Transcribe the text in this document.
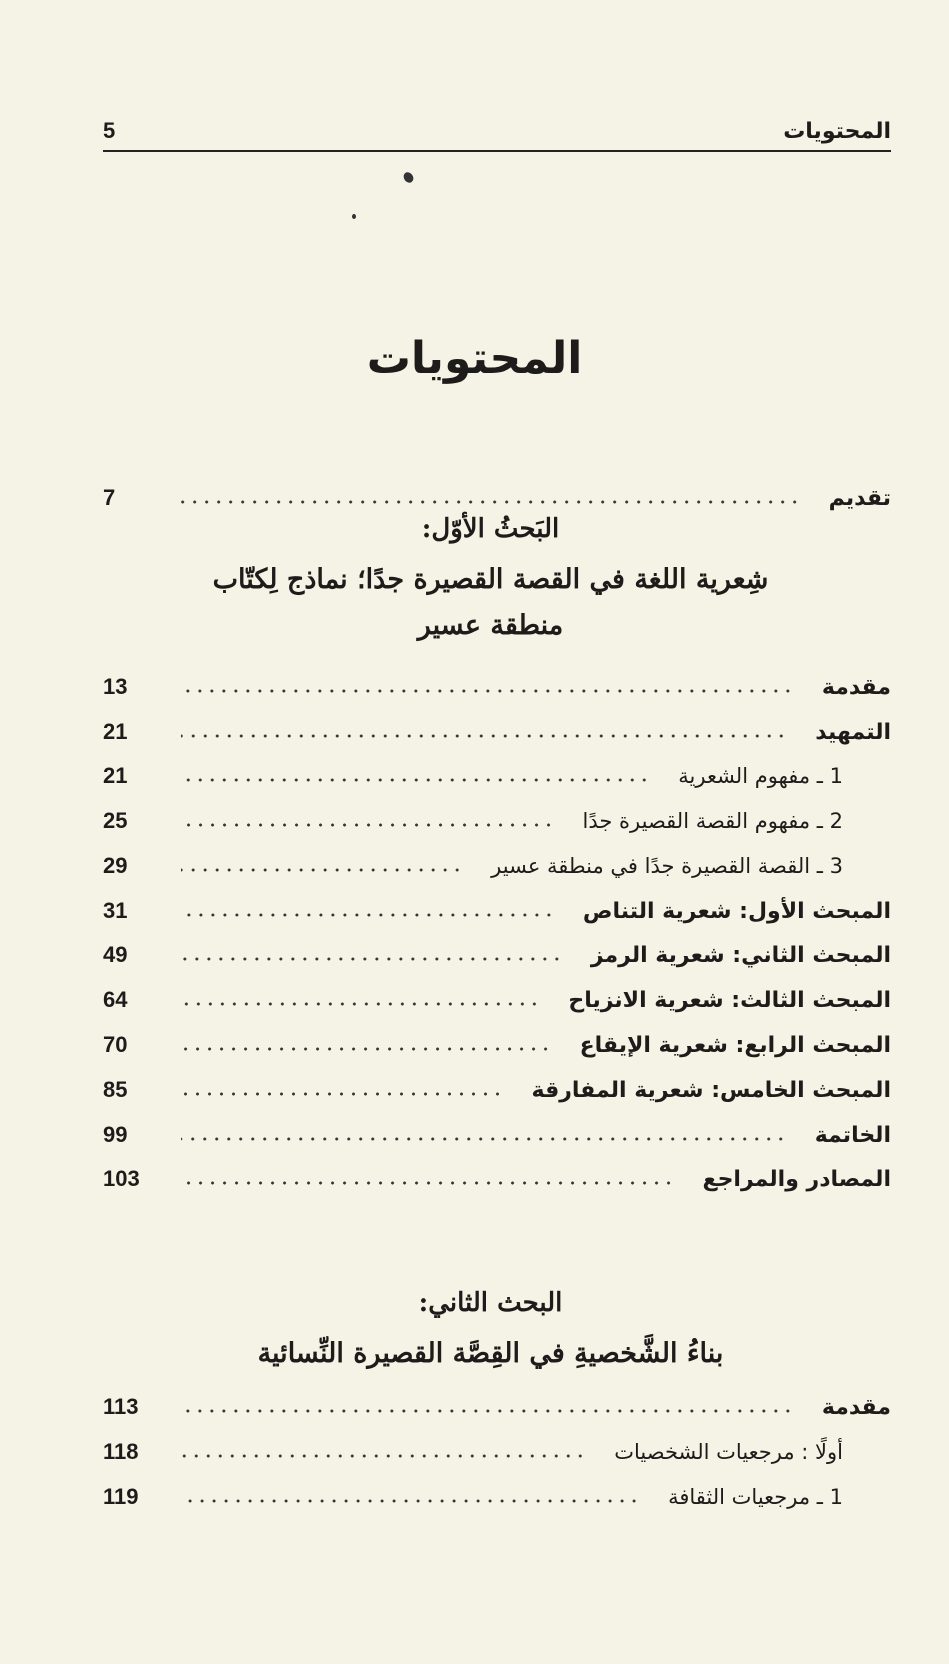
المحتويات
5
المحتويات
تقديم
7
البَحثُ الأوّل:
شِعرية اللغة في القصة القصيرة جدًا؛ نماذج لِكتّاب
منطقة عسير
مقدمة
13
التمهيد
21
1 ـ مفهوم الشعرية
21
2 ـ مفهوم القصة القصيرة جدًا
25
3 ـ القصة القصيرة جدًا في منطقة عسير
29
المبحث الأول: شعرية التناص
31
المبحث الثاني: شعرية الرمز
49
المبحث الثالث: شعرية الانزياح
64
المبحث الرابع: شعرية الإيقاع
70
المبحث الخامس: شعرية المفارقة
85
الخاتمة
99
المصادر والمراجع
103
البحث الثاني:
بناءُ الشَّخصيةِ في القِصَّة القصيرة النِّسائية
مقدمة
113
أولًا : مرجعيات الشخصيات
118
1 ـ مرجعيات الثقافة
119
